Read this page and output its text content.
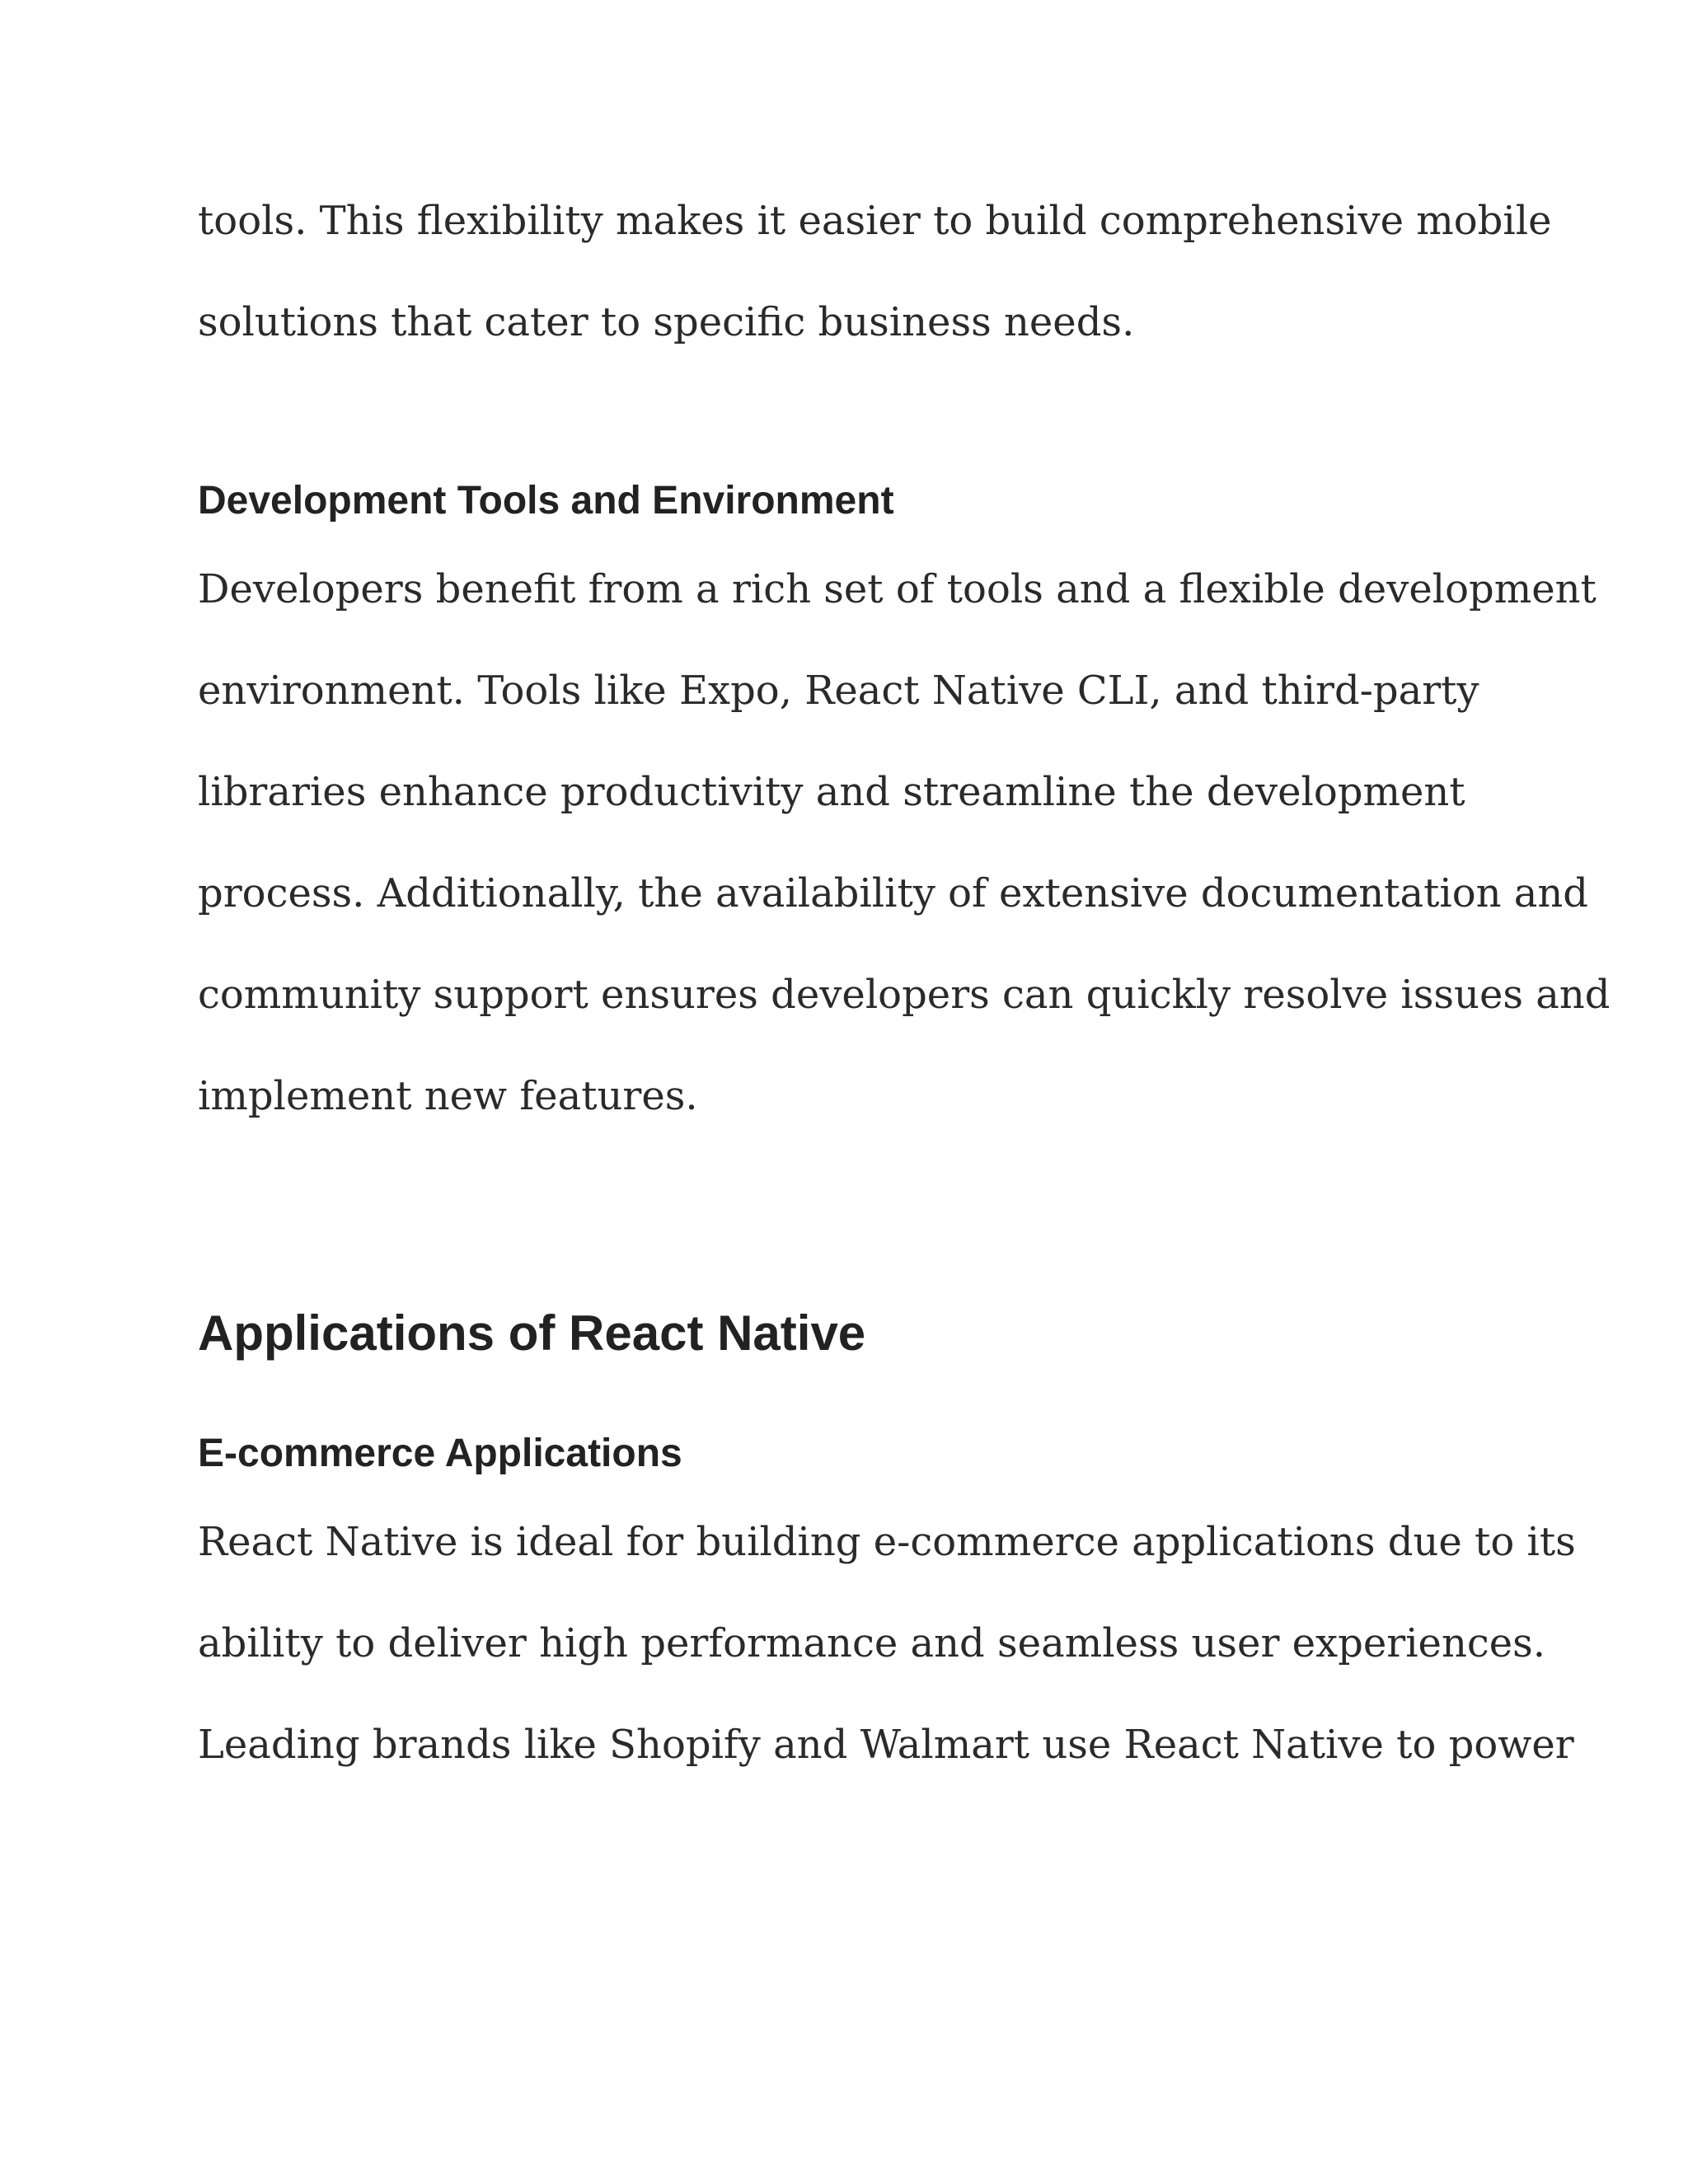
tools. This flexibility makes it easier to build comprehensive mobile
solutions that cater to specific business needs.
Development Tools and Environment
Developers benefit from a rich set of tools and a flexible development
environment. Tools like Expo, React Native CLI, and third-party
libraries enhance productivity and streamline the development
process. Additionally, the availability of extensive documentation and
community support ensures developers can quickly resolve issues and
implement new features.
Applications of React Native
E-commerce Applications
React Native is ideal for building e-commerce applications due to its
ability to deliver high performance and seamless user experiences.
Leading brands like Shopify and Walmart use React Native to power
